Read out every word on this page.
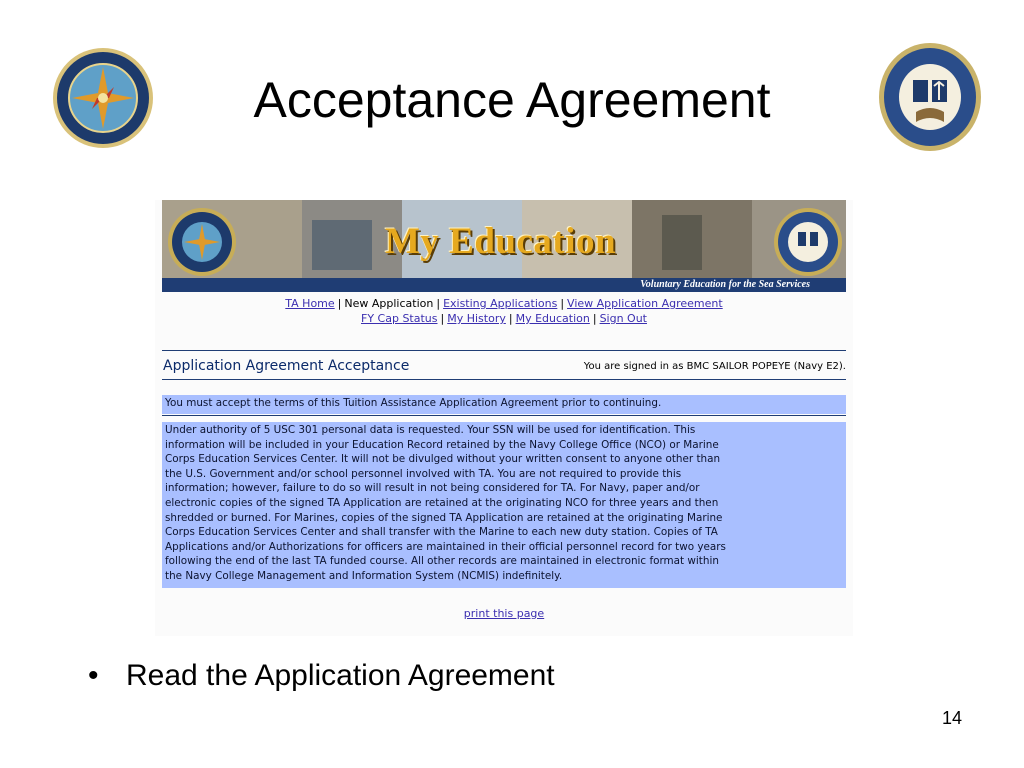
Acceptance Agreement
My Education
Voluntary Education for the Sea Services
TA Home | New Application | Existing Applications | View Application Agreement
FY Cap Status | My History | My Education | Sign Out
Application Agreement Acceptance	You are signed in as BMC SAILOR POPEYE (Navy E2).
You must accept the terms of this Tuition Assistance Application Agreement prior to continuing.
Under authority of 5 USC 301 personal data is requested. Your SSN will be used for identification. This
information will be included in your Education Record retained by the Navy College Office (NCO) or Marine
Corps Education Services Center. It will not be divulged without your written consent to anyone other than
the U.S. Government and/or school personnel involved with TA. You are not required to provide this
information; however, failure to do so will result in not being considered for TA. For Navy, paper and/or
electronic copies of the signed TA Application are retained at the originating NCO for three years and then
shredded or burned. For Marines, copies of the signed TA Application are retained at the originating Marine
Corps Education Services Center and shall transfer with the Marine to each new duty station. Copies of TA
Applications and/or Authorizations for officers are maintained in their official personnel record for two years
following the end of the last TA funded course. All other records are maintained in electronic format within
the Navy College Management and Information System (NCMIS) indefinitely.
print this page
• Read the Application Agreement
14
